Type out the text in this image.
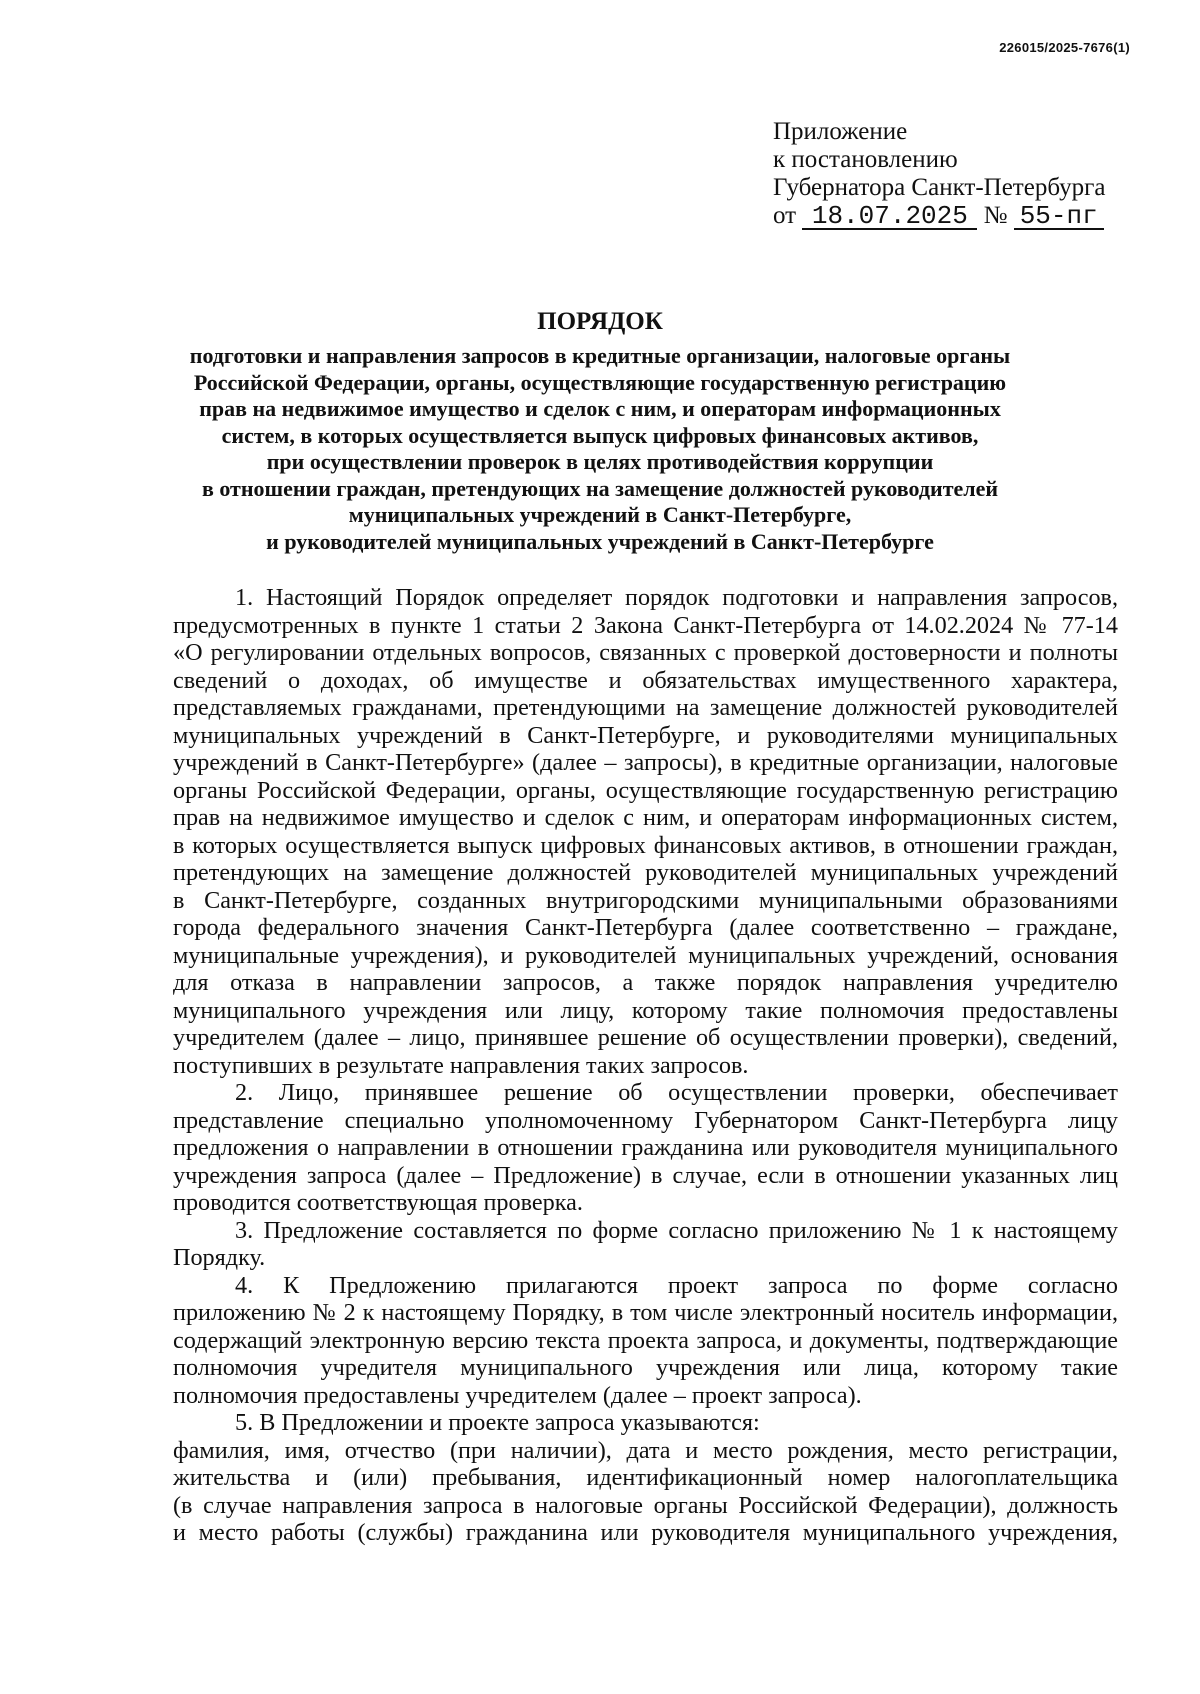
226015/2025-7676(1)
Приложение
к постановлению
Губернатора Санкт-Петербурга
от 18.07.2025 № 55-пг
ПОРЯДОК
подготовки и направления запросов в кредитные организации, налоговые органы
Российской Федерации, органы, осуществляющие государственную регистрацию
прав на недвижимое имущество и сделок с ним, и операторам информационных
систем, в которых осуществляется выпуск цифровых финансовых активов,
при осуществлении проверок в целях противодействия коррупции
в отношении граждан, претендующих на замещение должностей руководителей
муниципальных учреждений в Санкт-Петербурге,
и руководителей муниципальных учреждений в Санкт-Петербурге
1. Настоящий Порядок определяет порядок подготовки и направления запросов,
предусмотренных в пункте 1 статьи 2 Закона Санкт-Петербурга от 14.02.2024 № 77-14
«О регулировании отдельных вопросов, связанных с проверкой достоверности и полноты
сведений о доходах, об имуществе и обязательствах имущественного характера,
представляемых гражданами, претендующими на замещение должностей руководителей
муниципальных учреждений в Санкт-Петербурге, и руководителями муниципальных
учреждений в Санкт-Петербурге» (далее – запросы), в кредитные организации, налоговые
органы Российской Федерации, органы, осуществляющие государственную регистрацию
прав на недвижимое имущество и сделок с ним, и операторам информационных систем,
в которых осуществляется выпуск цифровых финансовых активов, в отношении граждан,
претендующих на замещение должностей руководителей муниципальных учреждений
в Санкт-Петербурге, созданных внутригородскими муниципальными образованиями
города федерального значения Санкт-Петербурга (далее соответственно – граждане,
муниципальные учреждения), и руководителей муниципальных учреждений, основания
для отказа в направлении запросов, а также порядок направления учредителю
муниципального учреждения или лицу, которому такие полномочия предоставлены
учредителем (далее – лицо, принявшее решение об осуществлении проверки), сведений,
поступивших в результате направления таких запросов.
2. Лицо, принявшее решение об осуществлении проверки, обеспечивает
представление специально уполномоченному Губернатором Санкт-Петербурга лицу
предложения о направлении в отношении гражданина или руководителя муниципального
учреждения запроса (далее – Предложение) в случае, если в отношении указанных лиц
проводится соответствующая проверка.
3. Предложение составляется по форме согласно приложению № 1 к настоящему
Порядку.
4. К Предложению прилагаются проект запроса по форме согласно
приложению № 2 к настоящему Порядку, в том числе электронный носитель информации,
содержащий электронную версию текста проекта запроса, и документы, подтверждающие
полномочия учредителя муниципального учреждения или лица, которому такие
полномочия предоставлены учредителем (далее – проект запроса).
5. В Предложении и проекте запроса указываются:
фамилия, имя, отчество (при наличии), дата и место рождения, место регистрации,
жительства и (или) пребывания, идентификационный номер налогоплательщика
(в случае направления запроса в налоговые органы Российской Федерации), должность
и место работы (службы) гражданина или руководителя муниципального учреждения,
